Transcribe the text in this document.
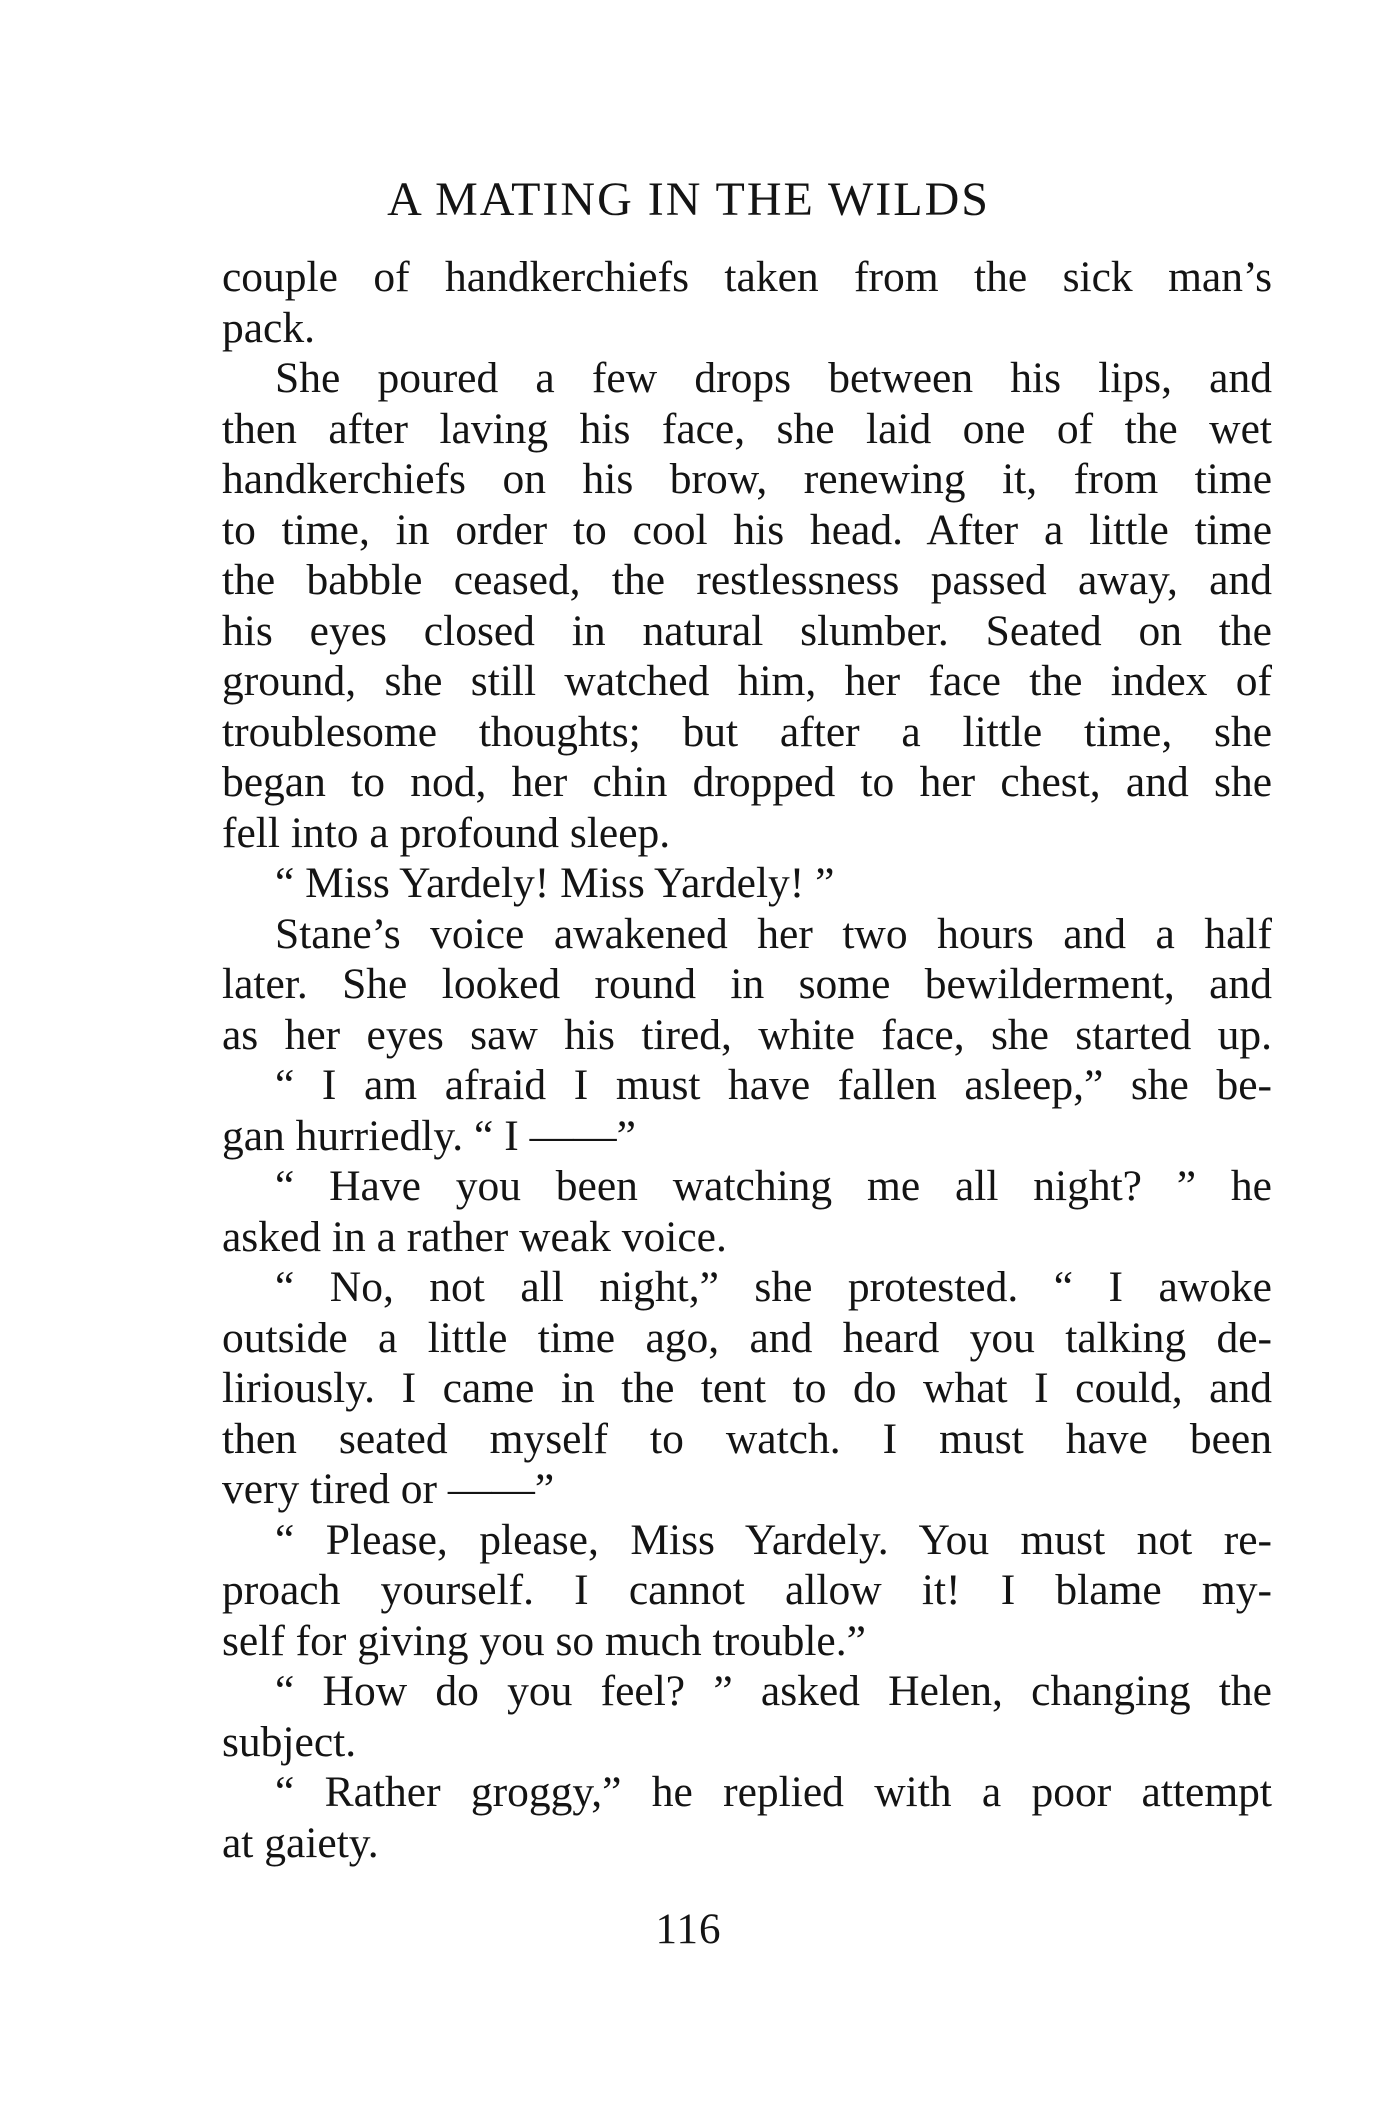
A MATING IN THE WILDS
couple of handkerchiefs taken from the sick man’s
pack.
She poured a few drops between his lips, and
then after laving his face, she laid one of the wet
handkerchiefs on his brow, renewing it, from time
to time, in order to cool his head. After a little time
the babble ceased, the restlessness passed away, and
his eyes closed in natural slumber. Seated on the
ground, she still watched him, her face the index of
troublesome thoughts; but after a little time, she
began to nod, her chin dropped to her chest, and she
fell into a profound sleep.
“ Miss Yardely! Miss Yardely! ”
Stane’s voice awakened her two hours and a half
later. She looked round in some bewilderment, and
as her eyes saw his tired, white face, she started up.
“ I am afraid I must have fallen asleep,” she be-
gan hurriedly. “ I ——”
“ Have you been watching me all night? ” he
asked in a rather weak voice.
“ No, not all night,” she protested. “ I awoke
outside a little time ago, and heard you talking de-
liriously. I came in the tent to do what I could, and
then seated myself to watch. I must have been
very tired or ——”
“ Please, please, Miss Yardely. You must not re-
proach yourself. I cannot allow it! I blame my-
self for giving you so much trouble.”
“ How do you feel? ” asked Helen, changing the
subject.
“ Rather groggy,” he replied with a poor attempt
at gaiety.
116
